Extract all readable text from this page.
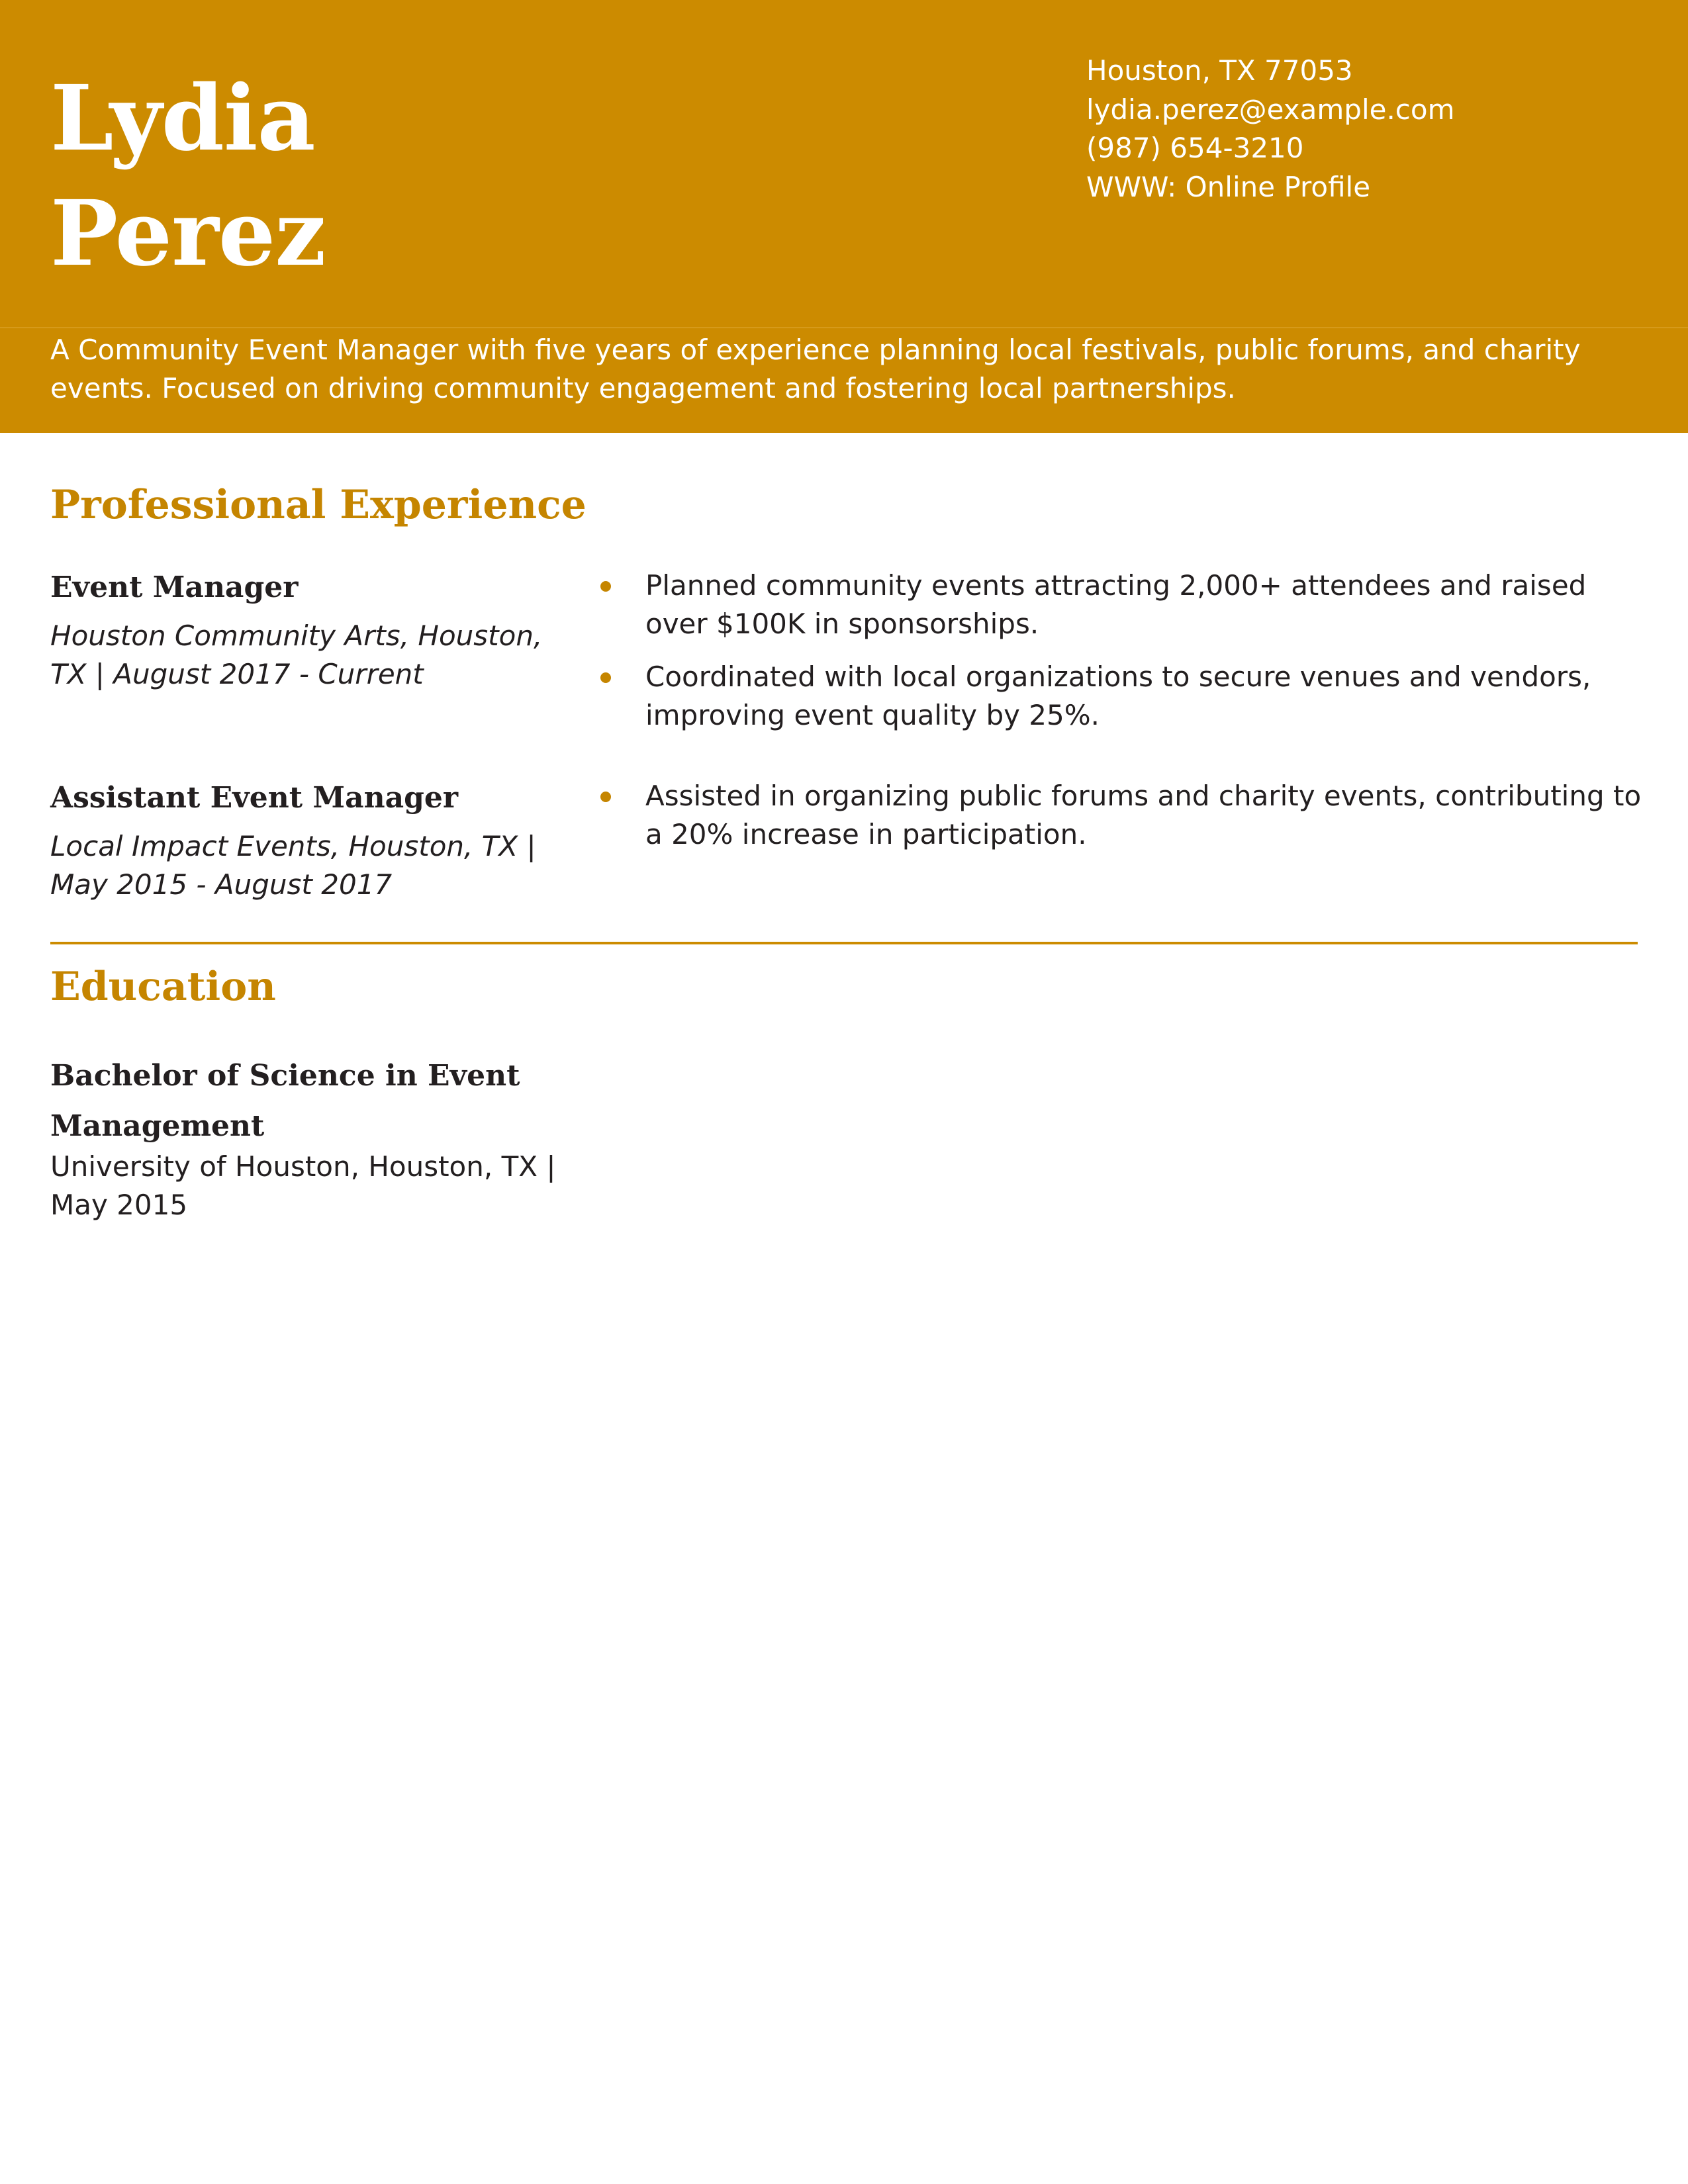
Lydia
Perez
Houston, TX 77053
lydia.perez@example.com
(987) 654-3210
WWW: Online Profile
A Community Event Manager with five years of experience planning local festivals, public forums, and charity events. Focused on driving community engagement and fostering local partnerships.
Professional Experience
Event Manager
Houston Community Arts, Houston, TX | August 2017 - Current
Planned community events attracting 2,000+ attendees and raised over $100K in sponsorships.
Coordinated with local organizations to secure venues and vendors, improving event quality by 25%.
Assistant Event Manager
Local Impact Events, Houston, TX | May 2015 - August 2017
Assisted in organizing public forums and charity events, contributing to a 20% increase in participation.
Education
Bachelor of Science in Event Management
University of Houston, Houston, TX | May 2015
